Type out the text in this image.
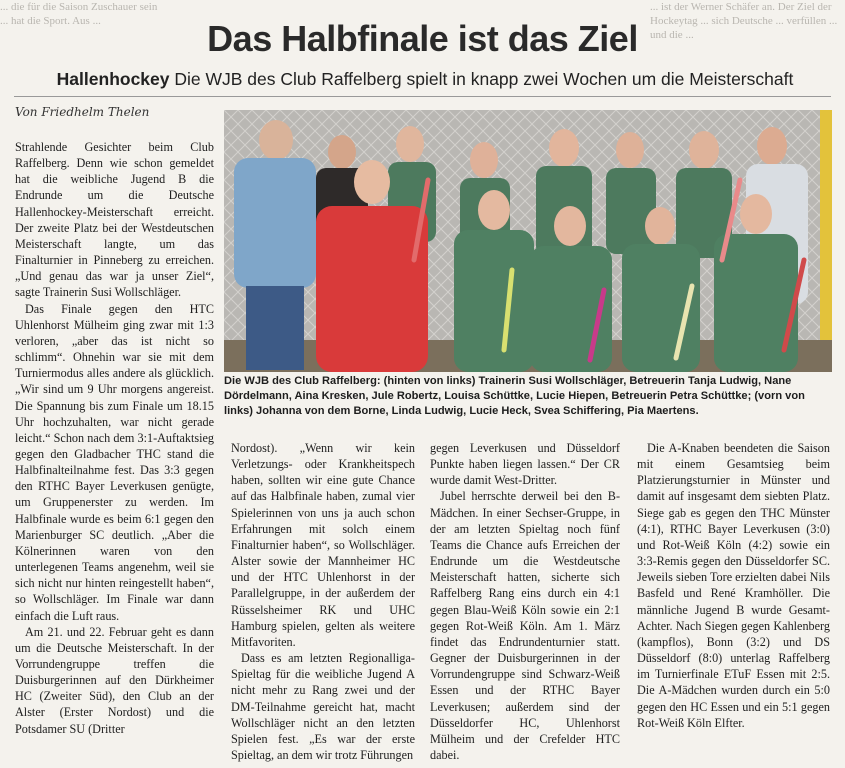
... die für die Saison Zuschauer sein ... hat die Sport. Aus ...
... ist der Werner Schäfer an. Der Ziel der Hockeytag ... sich Deutsche ... verfüllen ... und die ...
Das Halbfinale ist das Ziel
Hallenhockey Die WJB des Club Raffelberg spielt in knapp zwei Wochen um die Meisterschaft
Von Friedhelm Thelen

Strahlende Gesichter beim Club Raffelberg. Denn wie schon gemeldet hat die weibliche Jugend B die Endrunde um die Deutsche Hallenhockey-Meisterschaft erreicht. Der zweite Platz bei der Westdeutschen Meisterschaft langte, um das Finalturnier in Pinneberg zu erreichen. „Und genau das war ja unser Ziel“, sagte Trainerin Susi Wollschläger.

Das Finale gegen den HTC Uhlenhorst Mülheim ging zwar mit 1:3 verloren, „aber das ist nicht so schlimm“. Ohnehin war sie mit dem Turniermodus alles andere als glücklich. „Wir sind um 9 Uhr morgens angereist. Die Spannung bis zum Finale um 18.15 Uhr hochzuhalten, war nicht gerade leicht.“ Schon nach dem 3:1-Auftaktsieg gegen den Gladbacher THC stand die Halbfinalteilnahme fest. Das 3:3 gegen den RTHC Bayer Leverkusen genügte, um Gruppenerster zu werden. Im Halbfinale wurde es beim 6:1 gegen den Marienburger SC deutlich. „Aber die Kölnerinnen waren von den unterlegenen Teams angenehm, weil sie sich nicht nur hinten reingestellt haben“, so Wollschläger. Im Finale war dann einfach die Luft raus.

Am 21. und 22. Februar geht es dann um die Deutsche Meisterschaft. In der Vorrundengruppe treffen die Duisburgerinnen auf den Dürkheimer HC (Zweiter Süd), den Club an der Alster (Erster Nordost) und die Potsdamer SU (Dritter

Die WJB des Club Raffelberg: (hinten von links) Trainerin Susi Wollschläger, Betreuerin Tanja Ludwig, Nane Dördelmann, Aina Kresken, Jule Robertz, Louisa Schüttke, Lucie Hiepen, Betreuerin Petra Schüttke; (vorn von links) Johanna von dem Borne, Linda Ludwig, Lucie Heck, Svea Schiffering, Pia Maertens.

Nordost). „Wenn wir kein Verletzungs- oder Krankheitspech haben, sollten wir eine gute Chance auf das Halbfinale haben, zumal vier Spielerinnen von uns ja auch schon Erfahrungen mit solch einem Finalturnier haben“, so Wollschläger. Alster sowie der Mannheimer HC und der HTC Uhlenhorst in der Parallelgruppe, in der außerdem der Rüsselsheimer RK und UHC Hamburg spielen, gelten als weitere Mitfavoriten.

Dass es am letzten Regionalliga-Spieltag für die weibliche Jugend A nicht mehr zu Rang zwei und der DM-Teilnahme gereicht hat, macht Wollschläger nicht an den letzten Spielen fest. „Es war der erste Spieltag, an dem wir trotz Führungen

gegen Leverkusen und Düsseldorf Punkte haben liegen lassen.“ Der CR wurde damit West-Dritter.

Jubel herrschte derweil bei den B-Mädchen. In einer Sechser-Gruppe, in der am letzten Spieltag noch fünf Teams die Chance aufs Erreichen der Endrunde um die Westdeutsche Meisterschaft hatten, sicherte sich Raffelberg Rang eins durch ein 4:1 gegen Blau-Weiß Köln sowie ein 2:1 gegen Rot-Weiß Köln. Am 1. März findet das Endrundenturnier statt. Gegner der Duisburgerinnen in der Vorrundengruppe sind Schwarz-Weiß Essen und der RTHC Bayer Leverkusen; außerdem sind der Düsseldorfer HC, Uhlenhorst Mülheim und der Crefelder HTC dabei.

Die A-Knaben beendeten die Saison mit einem Gesamtsieg beim Platzierungsturnier in Münster und damit auf insgesamt dem siebten Platz. Siege gab es gegen den THC Münster (4:1), RTHC Bayer Leverkusen (3:0) und Rot-Weiß Köln (4:2) sowie ein 3:3-Remis gegen den Düsseldorfer SC. Jeweils sieben Tore erzielten dabei Nils Basfeld und René Kramhöller. Die männliche Jugend B wurde Gesamt-Achter. Nach Siegen gegen Kahlenberg (kampflos), Bonn (3:2) und DS Düsseldorf (8:0) unterlag Raffelberg im Turnierfinale ETuF Essen mit 2:5. Die A-Mädchen wurden durch ein 5:0 gegen den HC Essen und ein 5:1 gegen Rot-Weiß Köln Elfter.
